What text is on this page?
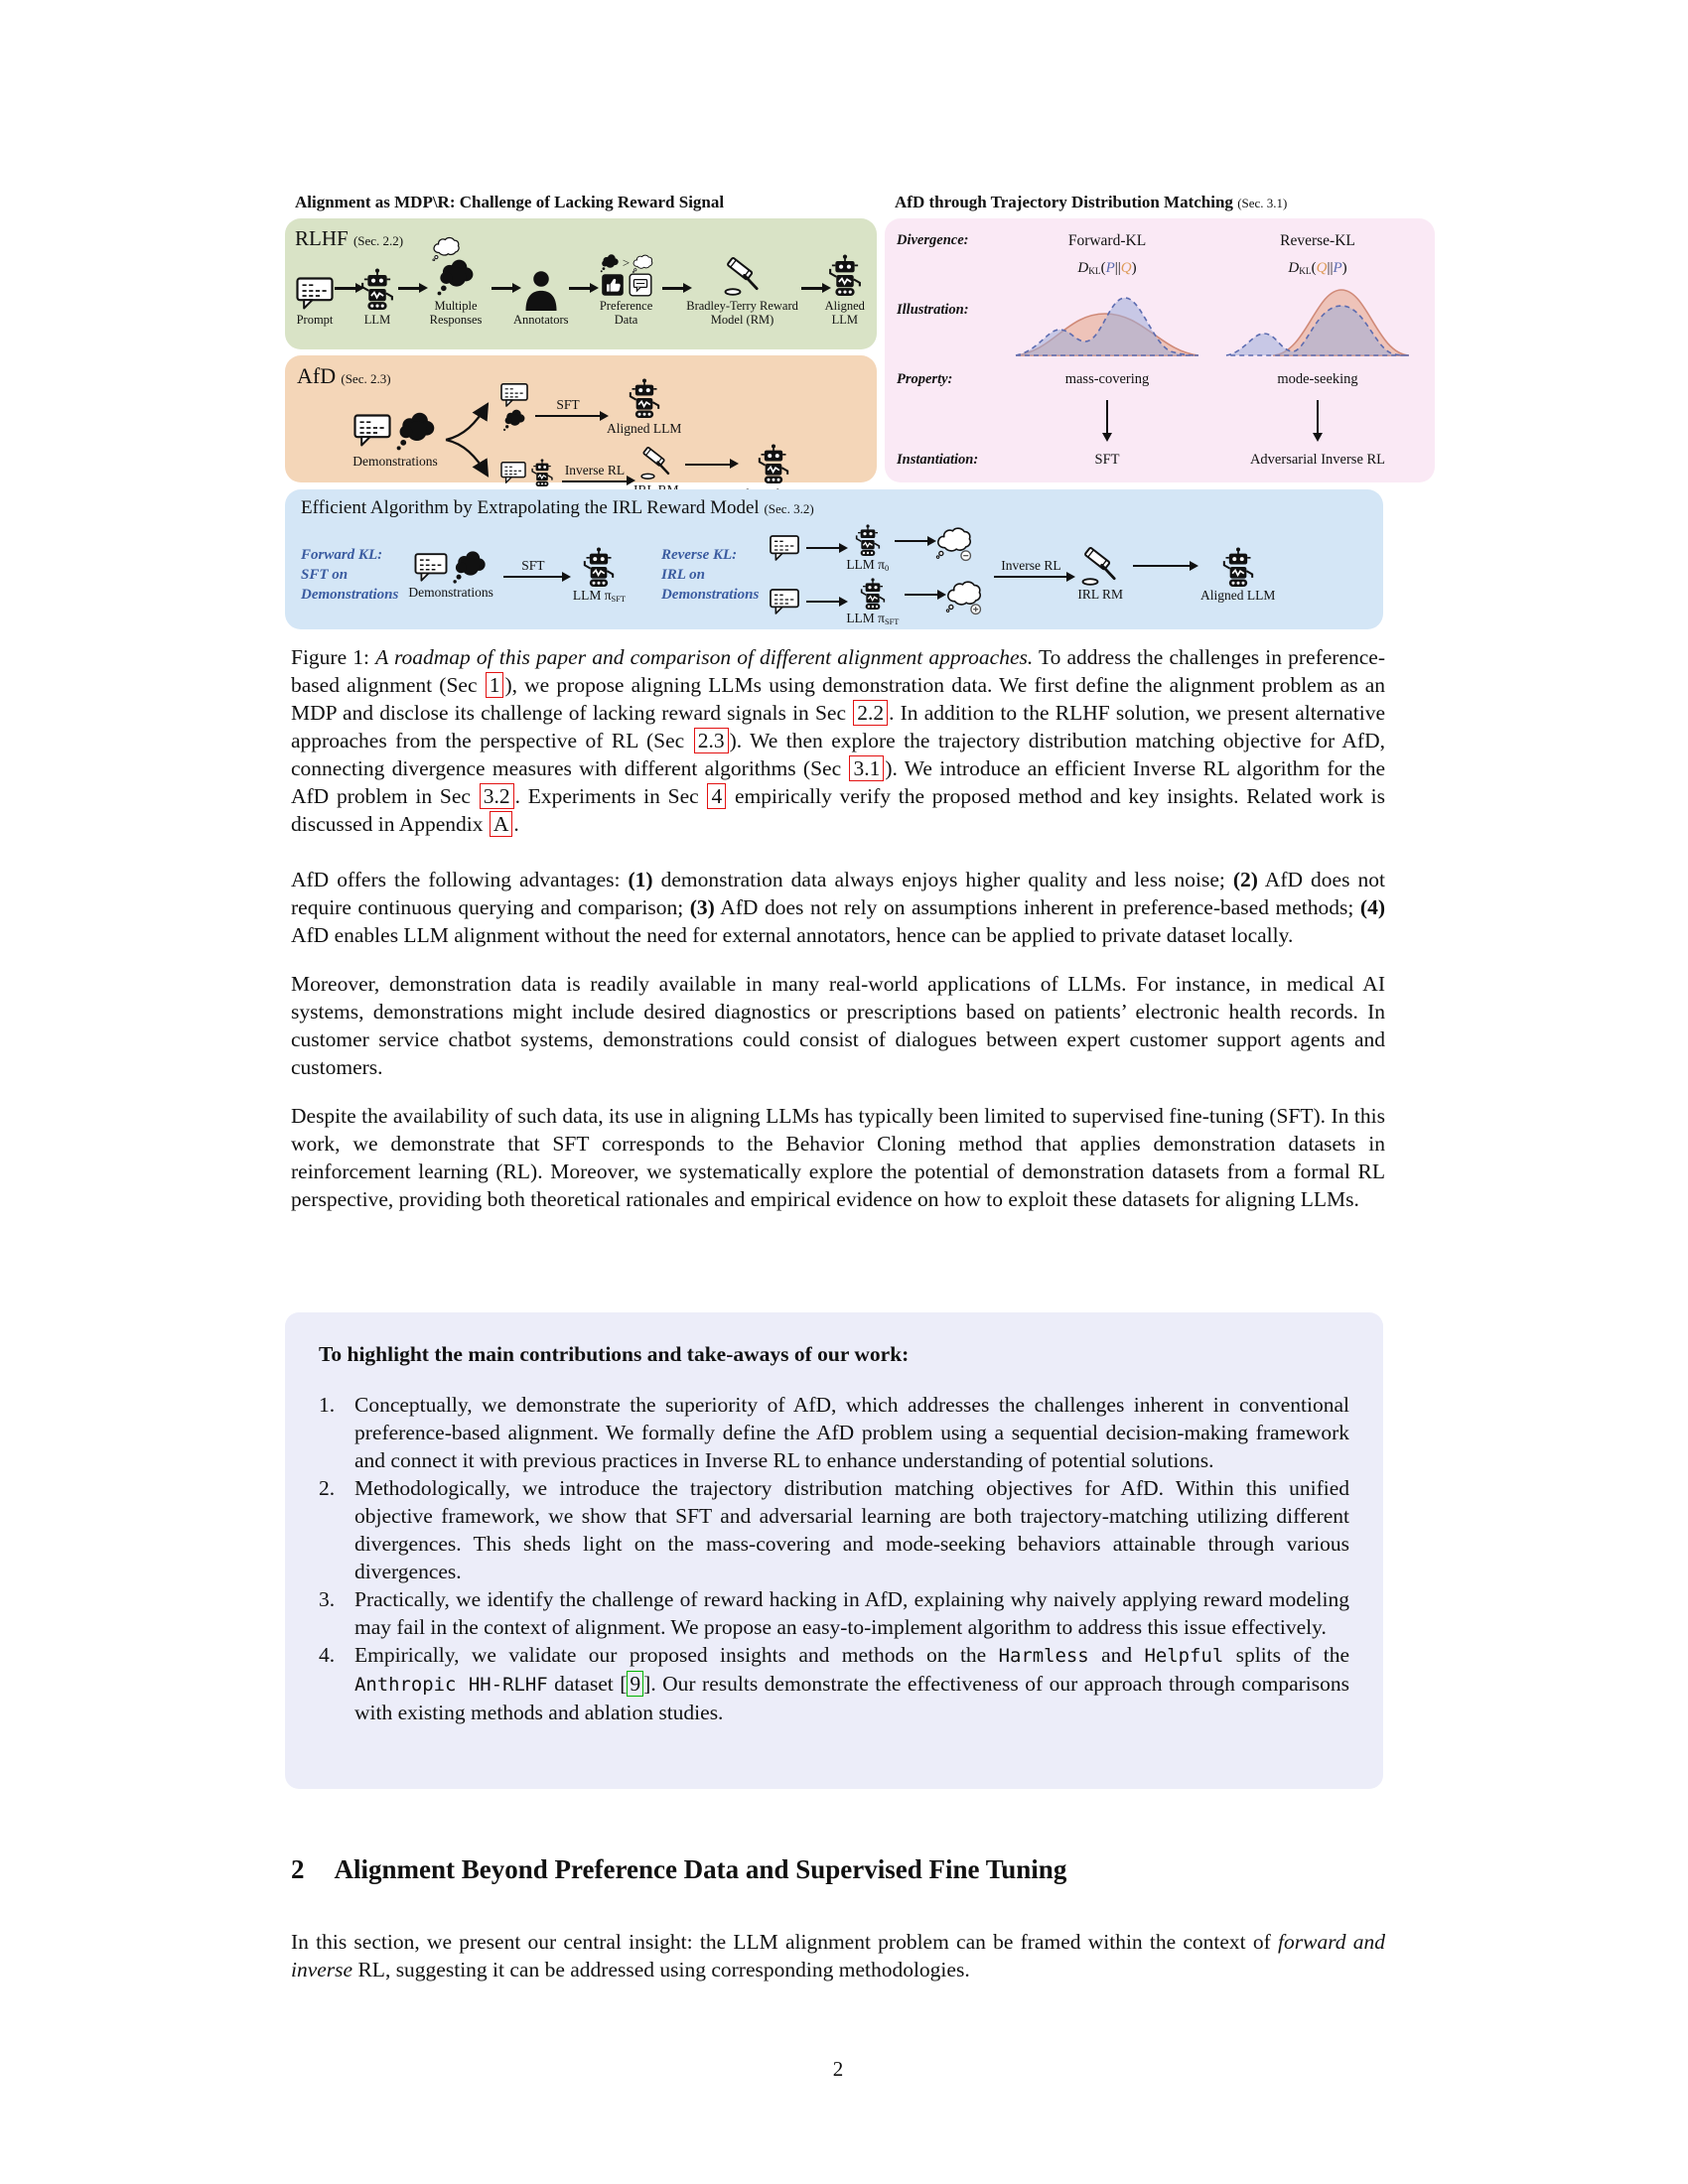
Alignment as MDP\R: Challenge of Lacking Reward Signal
RLHF (Sec. 2.2)
Prompt	LLM
Multiple Responses	Annotators
>
Preference Data
Bradley-Terry Reward Model (RM)
Aligned LLM
AfD (Sec. 2.3)
Demonstrations
SFT
Aligned LLM
Inverse RL
AfD through Trajectory Distribution Matching (Sec. 3.1)
Divergence:	Forward-KL	Reverse-KL
Illustration:
DKL(P||Q)	DKL(Q||P)
Property:	mass-covering	mode-seeking
Instantiation:	SFT	Adversarial Inverse RL
Efficient Algorithm by Extrapolating the IRL Reward Model (Sec. 3.2)
Forward KL:
SFT on
Demonstrations Demonstrations
SFT
LLM πSFT
Reverse KL:
IRL on
Demonstrations
LLM π0
LLM πSFT
Inverse RL
IRL RM	Aligned LLM
Figure 1: A roadmap of this paper and comparison of different alignment approaches. To address the challenges in preference-based alignment (Sec 1 ), we propose aligning LLMs using demonstration data. We first define the alignment problem as an MDP and disclose its challenge of lacking reward signals in Sec 2.2 . In addition to the RLHF solution, we present alternative approaches from the perspective of RL (Sec 2.3 ). We then explore the trajectory distribution matching objective for AfD, connecting divergence measures with different algorithms (Sec 3.1 ). We introduce an efficient Inverse RL algorithm for the AfD problem in Sec 3.2 . Experiments in Sec 4 empirically verify the proposed method and key insights. Related work is discussed in Appendix A .
AfD offers the following advantages: (1) demonstration data always enjoys higher quality and less noise; (2) AfD does not require continuous querying and comparison; (3) AfD does not rely on assumptions inherent in preference-based methods; (4) AfD enables LLM alignment without the need for external annotators, hence can be applied to private dataset locally.
Moreover, demonstration data is readily available in many real-world applications of LLMs. For instance, in medical AI systems, demonstrations might include desired diagnostics or prescriptions based on patients’ electronic health records. In customer service chatbot systems, demonstrations could consist of dialogues between expert customer support agents and customers.
Despite the availability of such data, its use in aligning LLMs has typically been limited to supervised fine-tuning (SFT). In this work, we demonstrate that SFT corresponds to the Behavior Cloning method that applies demonstration datasets in reinforcement learning (RL). Moreover, we systematically explore the potential of demonstration datasets from a formal RL perspective, providing both theoretical rationales and empirical evidence on how to exploit these datasets for aligning LLMs.
To highlight the main contributions and take-aways of our work:
1. Conceptually, we demonstrate the superiority of AfD, which addresses the challenges inherent in conventional preference-based alignment. We formally define the AfD problem using a sequential decision-making framework and connect it with previous practices in Inverse RL to enhance understanding of potential solutions.
2. Methodologically, we introduce the trajectory distribution matching objectives for AfD. Within this unified objective framework, we show that SFT and adversarial learning are both trajectory-matching utilizing different divergences. This sheds light on the mass-covering and mode-seeking behaviors attainable through various divergences.
3. Practically, we identify the challenge of reward hacking in AfD, explaining why naively applying reward modeling may fail in the context of alignment. We propose an easy-to-implement algorithm to address this issue effectively.
4. Empirically, we validate our proposed insights and methods on the Harmless and Helpful splits of the Anthropic HH-RLHF dataset [ 9 ]. Our results demonstrate the effectiveness of our approach through comparisons with existing methods and ablation studies.
2 Alignment Beyond Preference Data and Supervised Fine Tuning
In this section, we present our central insight: the LLM alignment problem can be framed within the context of forward and inverse RL, suggesting it can be addressed using corresponding methodologies.
2
